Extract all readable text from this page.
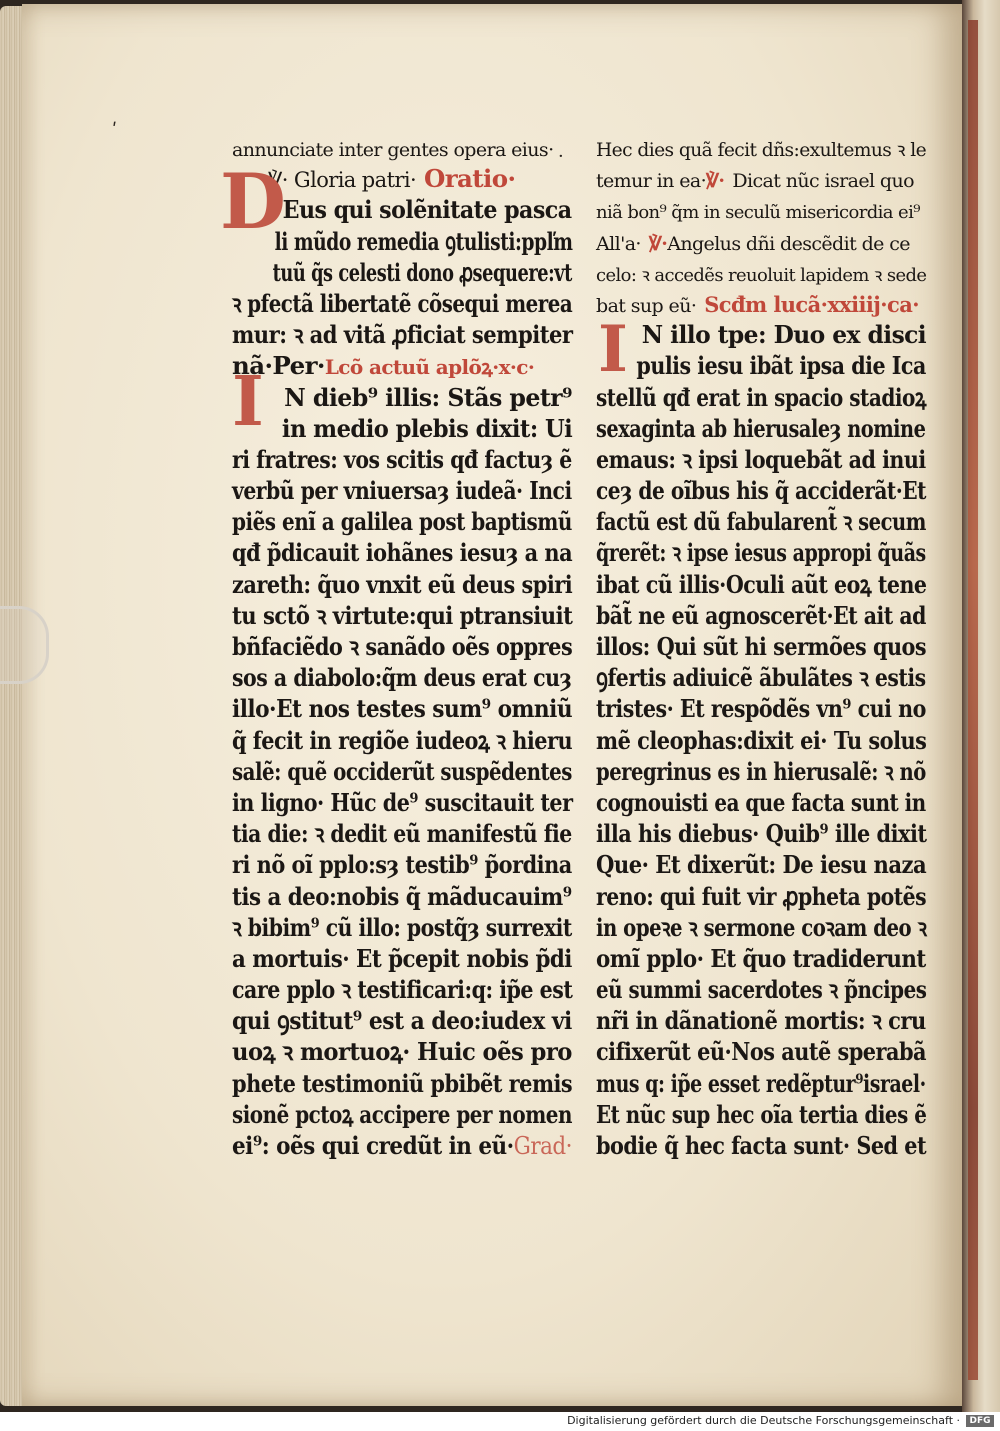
ʹ
·
annunciate inter gentes opera eius·
℣· Gloria patri· Oratio·
Eus qui solẽnitate pasca
li mũdo remedia ꝯtulisti:ppľm
tuũ q̃s celesti dono ꝓsequere:vt
ꝛ pfectã libertatẽ cõsequi merea
mur: ꝛ ad vitã ꝓficiat sempiter
nã·Per·Lcõ actuũ aplõꝝ·x·c·
N dieb⁹ illis: Stãs petr⁹
in medio plebis dixit: Ui
ri fratres: vos scitis qđ factuȝ ẽ
verbũ per vniuersaȝ iudeã· Inci
piẽs enĩ a galilea post baptismũ
qđ p̃dicauit iohãnes iesuȝ a na
zareth: q̃uo vnxit eũ deus spiri
tu sctõ ꝛ virtute:qui ptransiuit
bñfaciẽdo ꝛ sanãdo oẽs oppres
sos a diabolo:q̃m deus erat cuȝ
illo·Et nos testes sum⁹ omniũ
q̃ fecit in regiõe iudeoꝝ ꝛ hieru
salẽ: quẽ occiderũt suspẽdentes
in ligno· Hũc de⁹ suscitauit ter
tia die: ꝛ dedit eũ manifestũ fie
ri nõ oĩ pplo:sȝ testib⁹ p̃ordina
tis a deo:nobis q̃ mãducauim⁹
ꝛ bibim⁹ cũ illo: postq̃ȝ surrexit
a mortuis· Et p̃cepit nobis p̃di
care pplo ꝛ testificari:q: ip̃e est
qui ꝯstitut⁹ est a deo:iudex vi
uoꝝ ꝛ mortuoꝝ· Huic oẽs pro
phete testimoniũ pbibẽt remis
sionẽ pctoꝝ accipere per nomen
ei⁹: oẽs qui credũt in eũ·Grad·
D
I
Hec dies quã fecit dñs:exultemus ꝛ le
temur in ea·℣· Dicat nũc israel quo
niã bon⁹ q̃m in seculũ misericordia ei⁹
All'a· ℣·Angelus dñi descẽdit de ce
celo: ꝛ accedẽs reuoluit lapidem ꝛ sede
bat sup eũ· Scđm lucã·xxiiij·ca·
N illo tpe: Duo ex disci
pulis iesu ibãt ipsa die Ica
stellũ qđ erat in spacio stadioꝝ
sexaginta ab hierusaleȝ nomine
emaus: ꝛ ipsi loquebãt ad inui
ceȝ de oĩbus his q̃ acciderãt·Et
factũ est dũ fabularent̃ ꝛ secum
q̃rerẽt: ꝛ ipse iesus appropi q̃uãs
ibat cũ illis·Oculi aũt eoꝝ tene
bãt̃ ne eũ agnoscerẽt·Et ait ad
illos: Qui sũt hi sermões quos
ꝯfertis adiuicẽ ãbulãtes ꝛ estis
tristes· Et respõdẽs vn⁹ cui no
mẽ cleophas:dixit ei· Tu solus
peregrinus es in hierusalẽ: ꝛ nõ
cognouisti ea que facta sunt in
illa his diebus· Quib⁹ ille dixit
Que· Et dixerũt: De iesu naza
reno: qui fuit vir ꝓpheta potẽs
in opeꝛe ꝛ sermone coꝛam deo ꝛ
omĩ pplo· Et q̃uo tradiderunt
eũ summi sacerdotes ꝛ p̃ncipes
nr̃i in dãnationẽ mortis: ꝛ cru
cifixerũt eũ·Nos autẽ sperabã
mus q: ip̃e esset redẽptur⁹israel·
Et nũc sup hec oĩa tertia dies ẽ
bodie q̃ hec facta sunt· Sed et
I
Digitalisierung gefördert durch die Deutsche Forschungsgemeinschaft ·	DFG
